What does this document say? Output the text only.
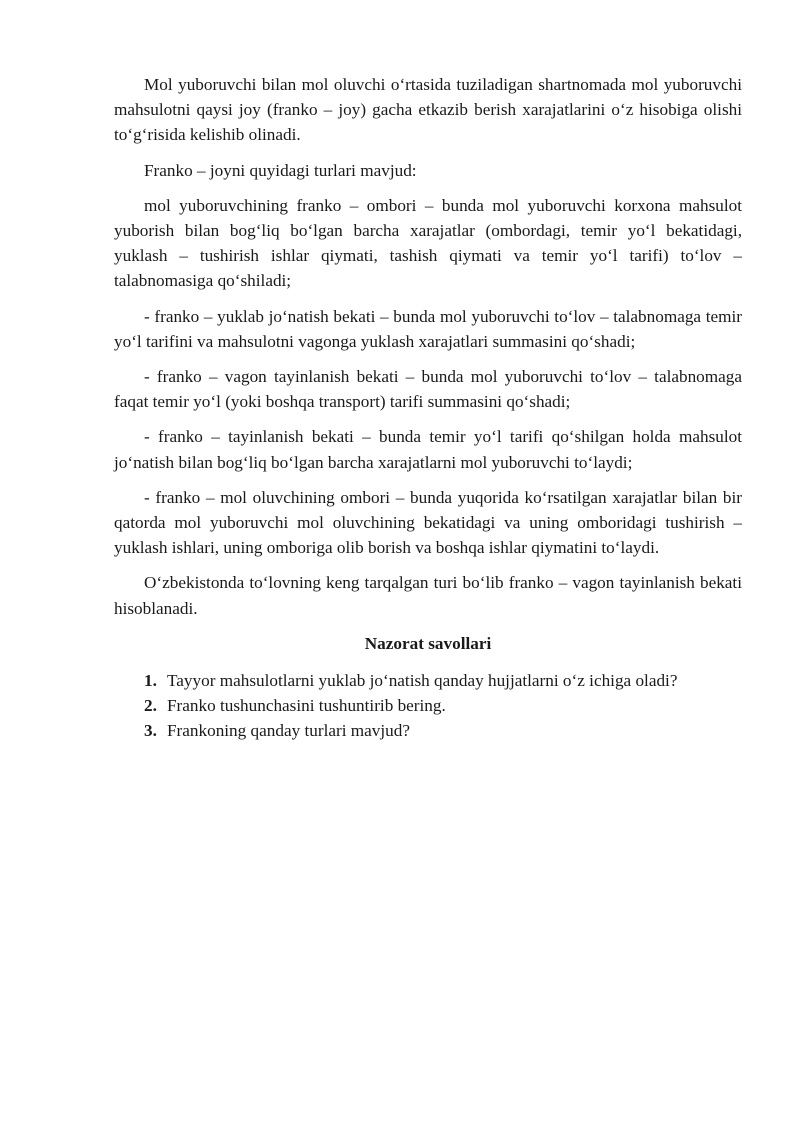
Mol yuboruvchi bilan mol oluvchi o‘rtasida tuziladigan shartnomada mol yuboruvchi mahsulotni qaysi joy (franko – joy) gacha etkazib berish xarajatlarini o‘z hisobiga olishi to‘g‘risida kelishib olinadi.

Franko – joyni quyidagi turlari mavjud:

mol yuboruvchining franko – ombori – bunda mol yuboruvchi korxona mahsulot yuborish bilan bog‘liq bo‘lgan barcha xarajatlar (ombordagi, temir yo‘l bekatidagi, yuklash – tushirish ishlar qiymati, tashish qiymati va temir yo‘l tarifi) to‘lov – talabnomasiga qo‘shiladi;

- franko – yuklab jo‘natish bekati – bunda mol yuboruvchi to‘lov – talabnomaga temir yo‘l tarifini va mahsulotni vagonga yuklash xarajatlari summasini qo‘shadi;

- franko – vagon tayinlanish bekati – bunda mol yuboruvchi to‘lov – talabnomaga faqat temir yo‘l (yoki boshqa transport) tarifi summasini qo‘shadi;

- franko – tayinlanish bekati – bunda temir yo‘l tarifi qo‘shilgan holda mahsulot jo‘natish bilan bog‘liq bo‘lgan barcha xarajatlarni mol yuboruvchi to‘laydi;

- franko – mol oluvchining ombori – bunda yuqorida ko‘rsatilgan xarajatlar bilan bir qatorda mol yuboruvchi mol oluvchining bekatidagi va uning omboridagi tushirish – yuklash ishlari, uning omboriga olib borish va boshqa ishlar qiymatini to‘laydi.

O‘zbekistonda to‘lovning keng tarqalgan turi bo‘lib franko – vagon tayinlanish bekati hisoblanadi.

Nazorat savollari
1. Tayyor mahsulotlarni yuklab jo‘natish qanday hujjatlarni o‘z ichiga oladi?
2. Franko tushunchasini tushuntirib bering.
3. Frankoning qanday turlari mavjud?
